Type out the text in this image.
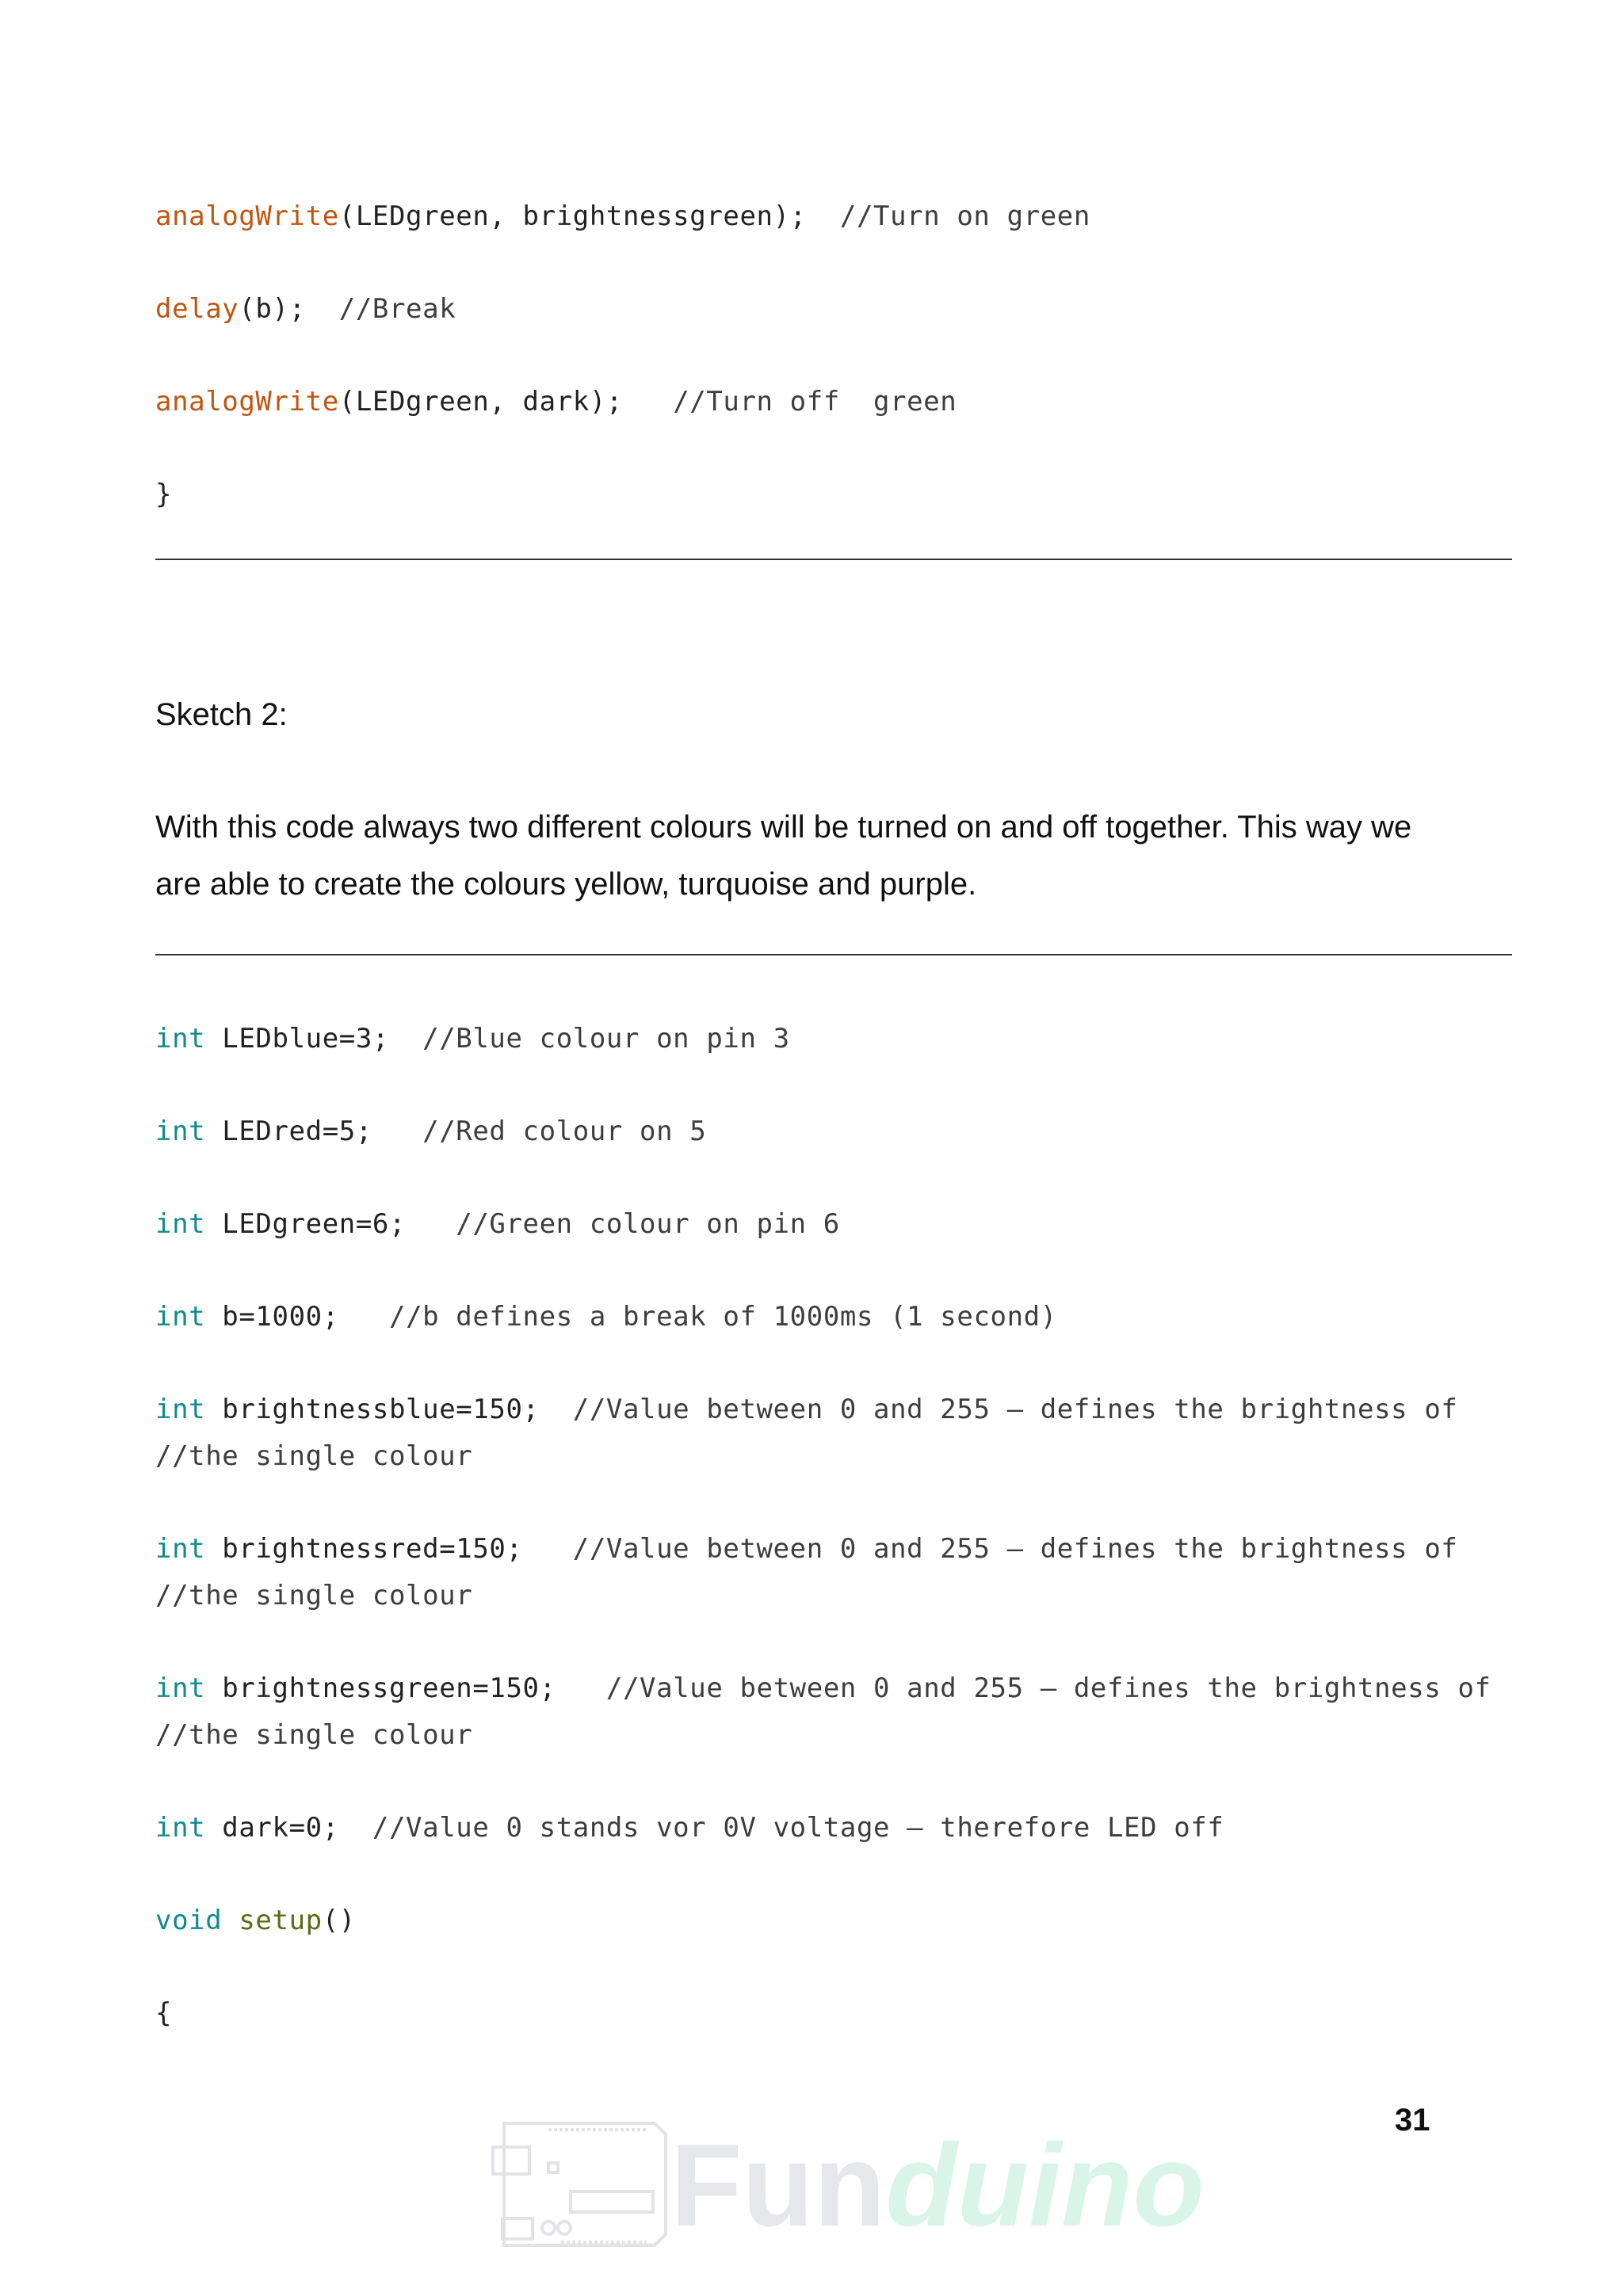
analogWrite(LEDgreen, brightnessgreen);  //Turn on green
delay(b);  //Break
analogWrite(LEDgreen, dark);   //Turn off  green
}
Sketch 2:
With this code always two different colours will be turned on and off together. This way we
are able to create the colours yellow, turquoise and purple.
int LEDblue=3;  //Blue colour on pin 3
int LEDred=5;   //Red colour on 5
int LEDgreen=6;   //Green colour on pin 6
int b=1000;   //b defines a break of 1000ms (1 second)
int brightnessblue=150;  //Value between 0 and 255 – defines the brightness of
//the single colour
int brightnessred=150;   //Value between 0 and 255 – defines the brightness of
//the single colour
int brightnessgreen=150;   //Value between 0 and 255 – defines the brightness of
//the single colour
int dark=0;  //Value 0 stands vor 0V voltage – therefore LED off
void setup()
{
31
Funduino
